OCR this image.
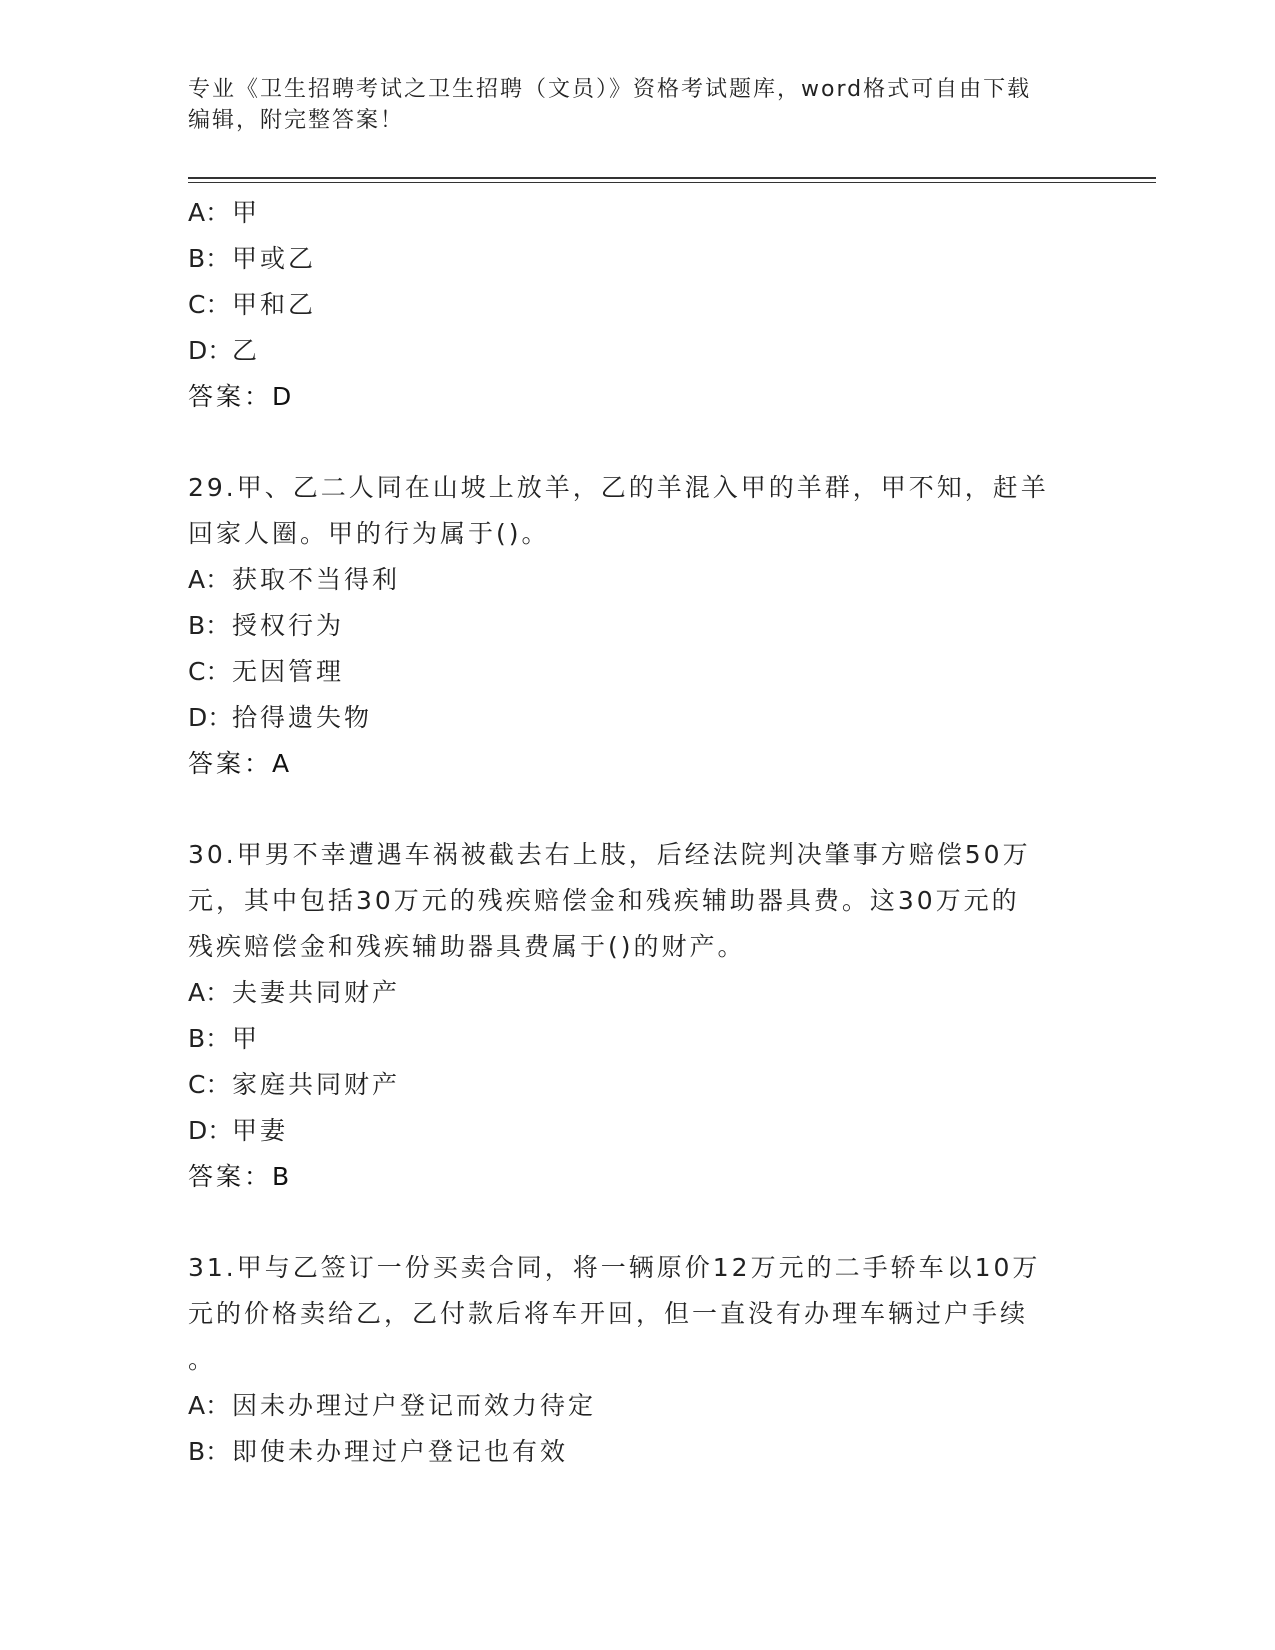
专业《卫生招聘考试之卫生招聘（文员）》资格考试题库，word格式可自由下载
编辑，附完整答案！
A：甲
B：甲或乙
C：甲和乙
D：乙
答案：D
29.甲、乙二人同在山坡上放羊，乙的羊混入甲的羊群，甲不知，赶羊
回家人圈。甲的行为属于()。
A：获取不当得利
B：授权行为
C：无因管理
D：拾得遗失物
答案：A
30.甲男不幸遭遇车祸被截去右上肢，后经法院判决肇事方赔偿50万
元，其中包括30万元的残疾赔偿金和残疾辅助器具费。这30万元的
残疾赔偿金和残疾辅助器具费属于()的财产。
A：夫妻共同财产
B：甲
C：家庭共同财产
D：甲妻
答案：B
31.甲与乙签订一份买卖合同，将一辆原价12万元的二手轿车以10万
元的价格卖给乙，乙付款后将车开回，但一直没有办理车辆过户手续
。
A：因未办理过户登记而效力待定
B：即使未办理过户登记也有效
